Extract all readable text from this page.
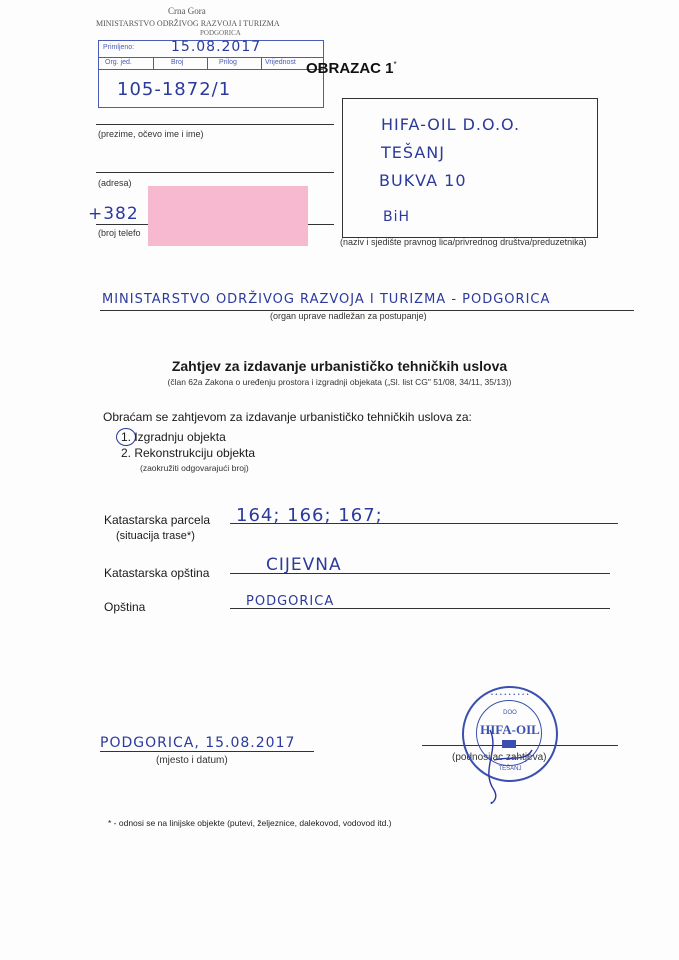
Crna Gora
MINISTARSTVO ODRŽIVOG RAZVOJA I TURIZMA
PODGORICA
Primljeno:	15.08.2017
Org. jed.	Broj	Prilog	Vrijednost
105-1872/1
OBRAZAC 1*
(prezime, očevo ime i ime)
(adresa)
+382
(broj telefo
HIFA-OIL D.O.O.
TEŠANJ
BUKVA 10
BiH
(naziv i sjedište pravnog lica/privrednog društva/preduzetnika)
MINISTARSTVO ODRŽIVOG RAZVOJA I TURIZMA - PODGORICA
(organ uprave nadležan za postupanje)
Zahtjev za izdavanje urbanističko tehničkih uslova
(član 62a Zakona o uređenju prostora i izgradnji objekata („Sl. list CG" 51/08, 34/11, 35/13))
Obraćam se zahtjevom za izdavanje urbanističko tehničkih uslova za:
1. Izgradnju objekta
2. Rekonstrukciju objekta
(zaokružiti odgovarajući broj)
Katastarska parcela
(situacija trase*)
164; 166; 167;
Katastarska opština	CIJEVNA
Opština	PODGORICA
PODGORICA, 15.08.2017
(mjesto i datum)	(podnosilac zahtjeva)
• • • • • • • • •
DOO
HIFA-OIL
TEŠANJ
* - odnosi se na linijske objekte (putevi, željeznice, dalekovod, vodovod itd.)
